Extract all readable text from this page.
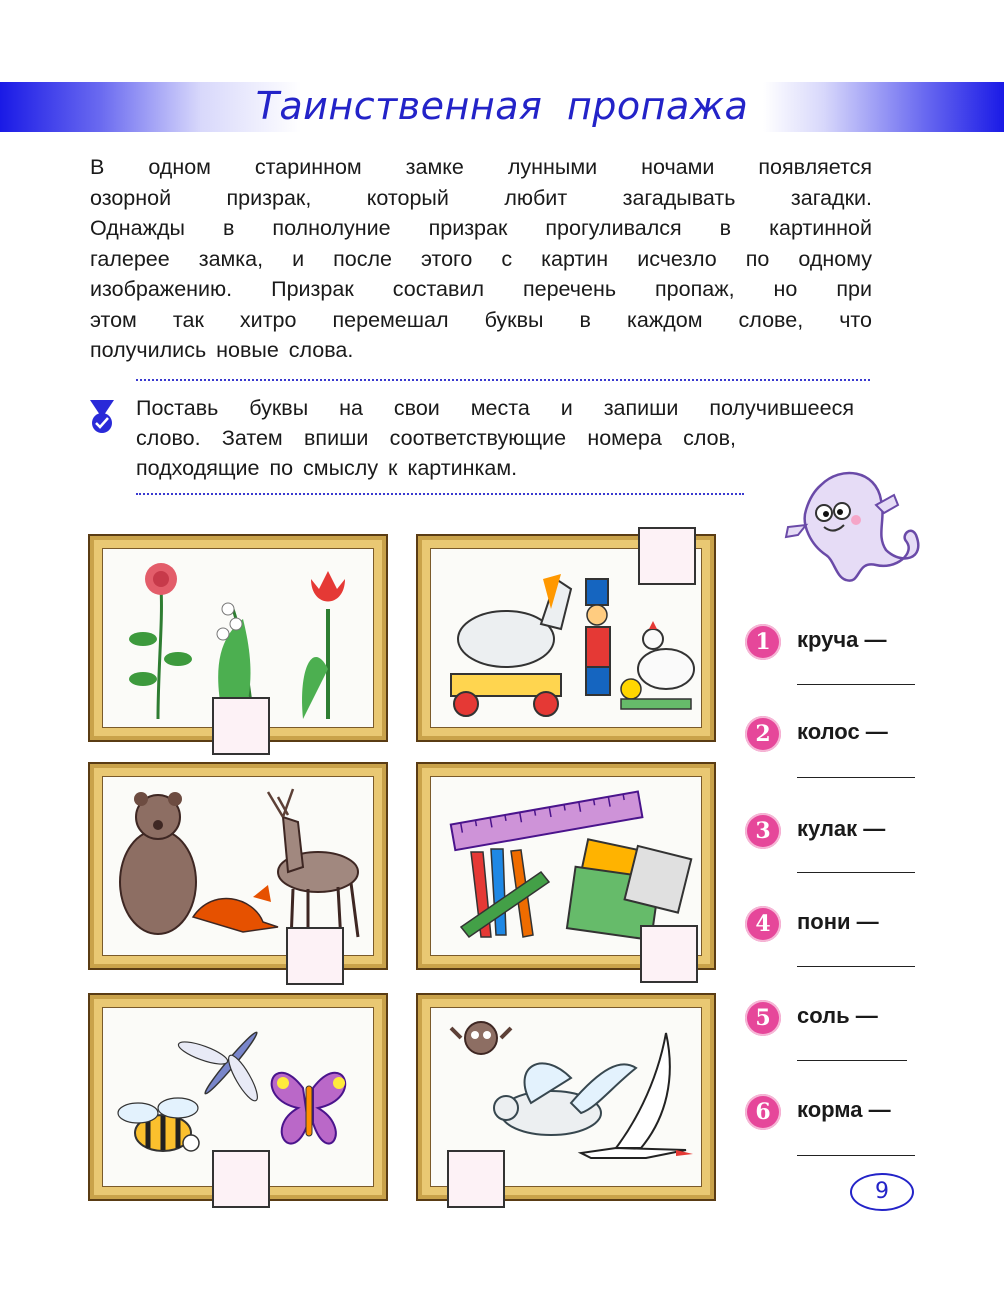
Таинственная пропажа
В одном старинном замке лунными ночами появляется
озорной призрак, который любит загадывать загадки.
Однажды в полнолуние призрак прогуливался в картинной
галерее замка, и после этого с картин исчезло по одному
изображению. Призрак составил перечень пропаж, но при
этом так хитро перемешал буквы в каждом слове, что
получились новые слова.
Поставь буквы на свои места и запиши получившееся
слово. Затем впиши соответствующие номера слов,
подходящие по смыслу к картинкам.
1	круча —
2	колос —
3	кулак —
4	пони —
5	соль —
6	корма —
9
